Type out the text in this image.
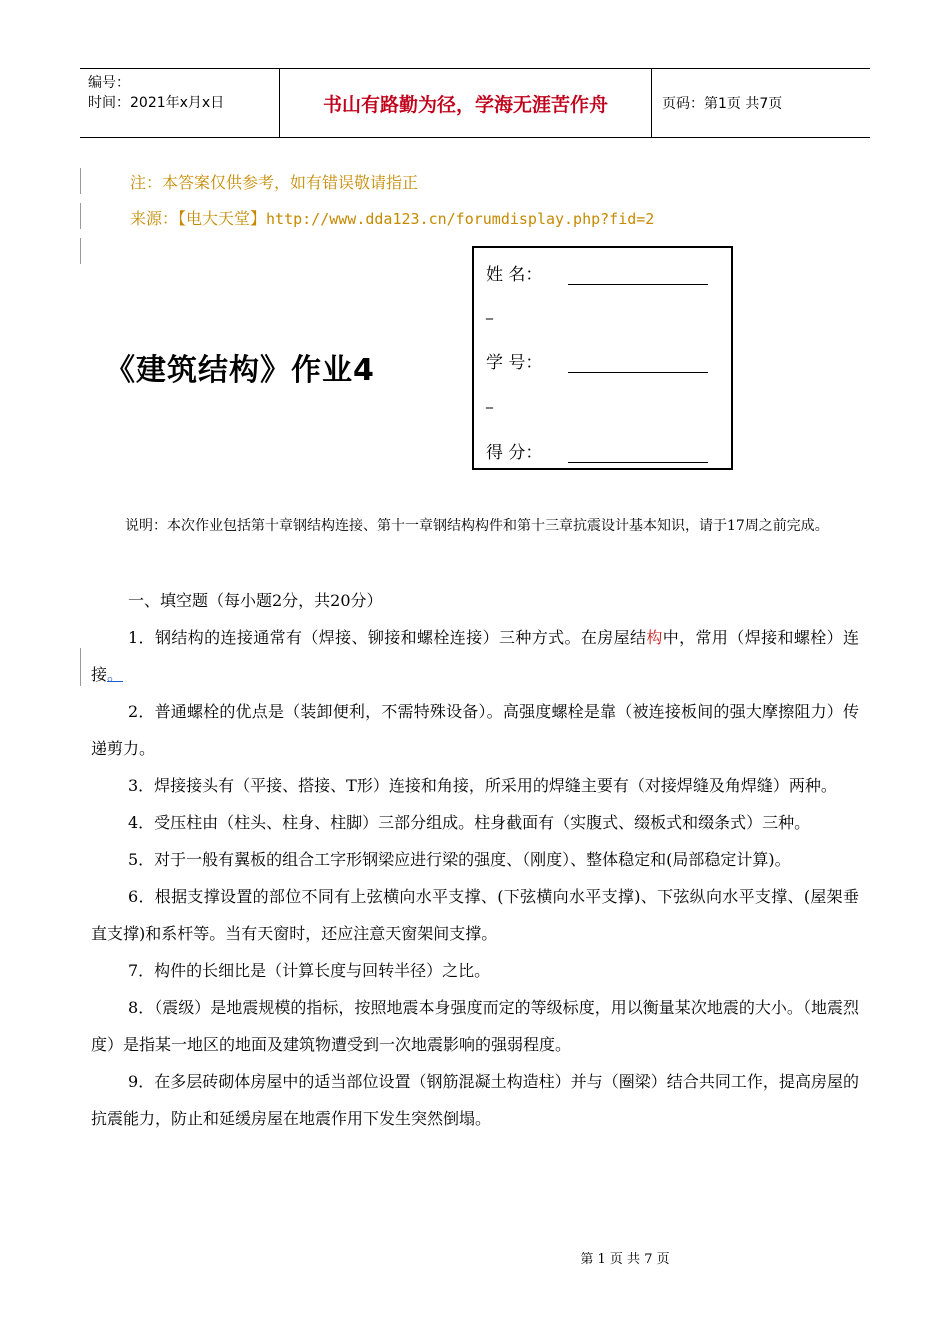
编号：
时间：2021年x月x日	书山有路勤为径，学海无涯苦作舟	页码：第1页 共7页
注：本答案仅供参考，如有错误敬请指正
来源：【电大天堂】http://www.dda123.cn/forumdisplay.php?fid=2
《建筑结构》作业4
姓 名：
_
学 号：
_
得 分：
说明：本次作业包括第十章钢结构连接、第十一章钢结构构件和第十三章抗震设计基本知识，请于17周之前完成。

一、填空题（每小题2分，共20分）

1．钢结构的连接通常有（焊接、铆接和螺栓连接）三种方式。在房屋结构中，常用（焊接和螺栓）连接。

2．普通螺栓的优点是（装卸便利，不需特殊设备）。高强度螺栓是靠（被连接板间的强大摩擦阻力）传递剪力。

3．焊接接头有（平接、搭接、T形）连接和角接，所采用的焊缝主要有（对接焊缝及角焊缝）两种。

4．受压柱由（柱头、柱身、柱脚）三部分组成。柱身截面有（实腹式、缀板式和缀条式）三种。

5．对于一般有翼板的组合工字形钢梁应进行梁的强度、（刚度）、整体稳定和(局部稳定计算)。

6．根据支撑设置的部位不同有上弦横向水平支撑、(下弦横向水平支撑)、下弦纵向水平支撑、(屋架垂直支撑)和系杆等。当有天窗时，还应注意天窗架间支撑。

7．构件的长细比是（计算长度与回转半径）之比。

8．（震级）是地震规模的指标，按照地震本身强度而定的等级标度，用以衡量某次地震的大小。（地震烈度）是指某一地区的地面及建筑物遭受到一次地震影响的强弱程度。

9．在多层砖砌体房屋中的适当部位设置（钢筋混凝土构造柱）并与（圈梁）结合共同工作，提高房屋的抗震能力，防止和延缓房屋在地震作用下发生突然倒塌。

第 1 页 共 7 页
